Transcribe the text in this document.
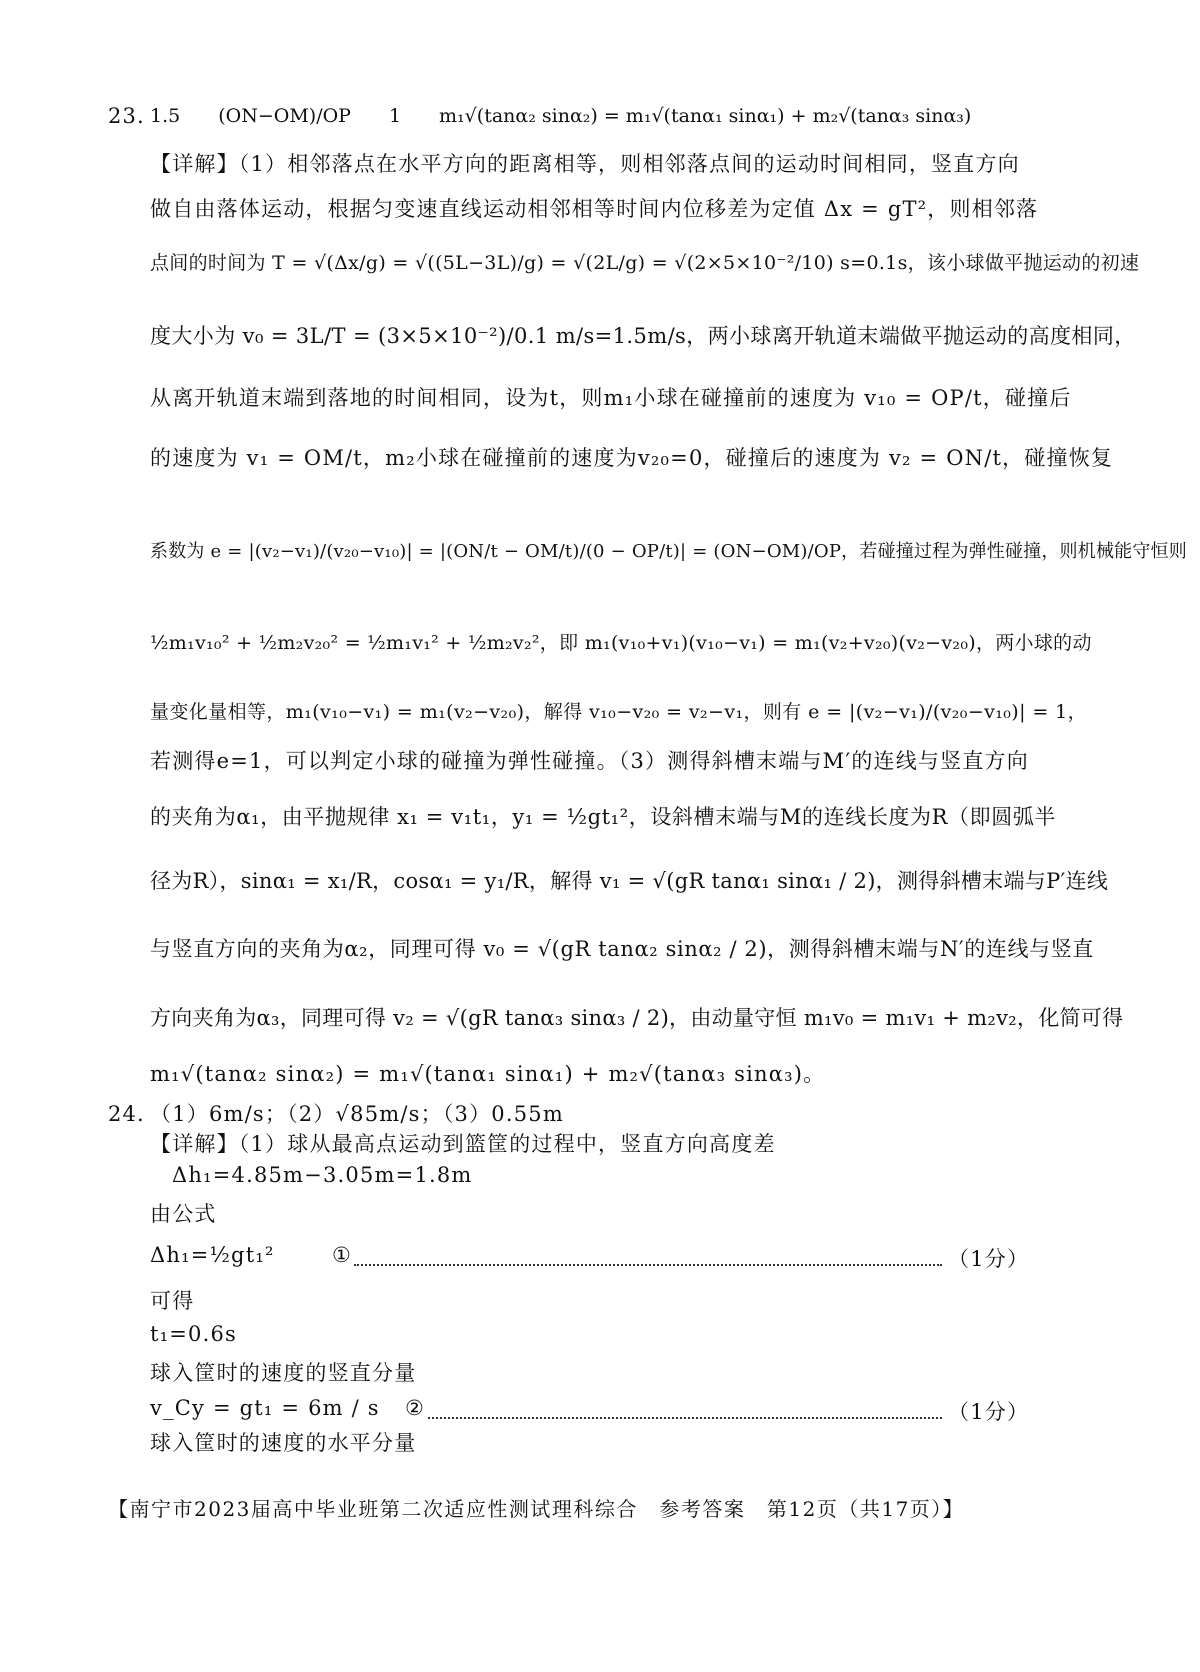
23．
1.5　　(ON−OM)/OP　　1　　m₁√(tanα₂ sinα₂) = m₁√(tanα₁ sinα₁) + m₂√(tanα₃ sinα₃)
【详解】（1）相邻落点在水平方向的距离相等，则相邻落点间的运动时间相同，竖直方向
做自由落体运动，根据匀变速直线运动相邻相等时间内位移差为定值 Δx = gT²，则相邻落
点间的时间为 T = √(Δx/g) = √((5L−3L)/g) = √(2L/g) = √(2×5×10⁻²/10) s=0.1s，该小球做平抛运动的初速
度大小为 v₀ = 3L/T = (3×5×10⁻²)/0.1 m/s=1.5m/s，两小球离开轨道末端做平抛运动的高度相同，
从离开轨道末端到落地的时间相同，设为t，则m₁小球在碰撞前的速度为 v₁₀ = OP/t，碰撞后
的速度为 v₁ = OM/t，m₂小球在碰撞前的速度为v₂₀=0，碰撞后的速度为 v₂ = ON/t，碰撞恢复
系数为 e = |(v₂−v₁)/(v₂₀−v₁₀)| = |(ON/t − OM/t)/(0 − OP/t)| = (ON−OM)/OP，若碰撞过程为弹性碰撞，则机械能守恒则
½m₁v₁₀² + ½m₂v₂₀² = ½m₁v₁² + ½m₂v₂²，即 m₁(v₁₀+v₁)(v₁₀−v₁) = m₁(v₂+v₂₀)(v₂−v₂₀)，两小球的动
量变化量相等，m₁(v₁₀−v₁) = m₁(v₂−v₂₀)，解得 v₁₀−v₂₀ = v₂−v₁，则有 e = |(v₂−v₁)/(v₂₀−v₁₀)| = 1，
若测得e=1，可以判定小球的碰撞为弹性碰撞。（3）测得斜槽末端与M′的连线与竖直方向
的夹角为α₁，由平抛规律 x₁ = v₁t₁，y₁ = ½gt₁²，设斜槽末端与M的连线长度为R（即圆弧半
径为R），sinα₁ = x₁/R，cosα₁ = y₁/R，解得 v₁ = √(gR tanα₁ sinα₁ / 2)，测得斜槽末端与P′连线
与竖直方向的夹角为α₂，同理可得 v₀ = √(gR tanα₂ sinα₂ / 2)，测得斜槽末端与N′的连线与竖直
方向夹角为α₃，同理可得 v₂ = √(gR tanα₃ sinα₃ / 2)，由动量守恒 m₁v₀ = m₁v₁ + m₂v₂，化简可得
m₁√(tanα₂ sinα₂) = m₁√(tanα₁ sinα₁) + m₂√(tanα₃ sinα₃)。
24．
（1）6m/s；（2）√85m/s；（3）0.55m
【详解】（1）球从最高点运动到篮筐的过程中，竖直方向高度差
Δh₁=4.85m−3.05m=1.8m
由公式
Δh₁=½gt₁²	①	（1分）
可得
t₁=0.6s
球入筐时的速度的竖直分量
v_Cy = gt₁ = 6m / s ②	（1分）
球入筐时的速度的水平分量
【南宁市2023届高中毕业班第二次适应性测试理科综合　参考答案　第12页（共17页）】
